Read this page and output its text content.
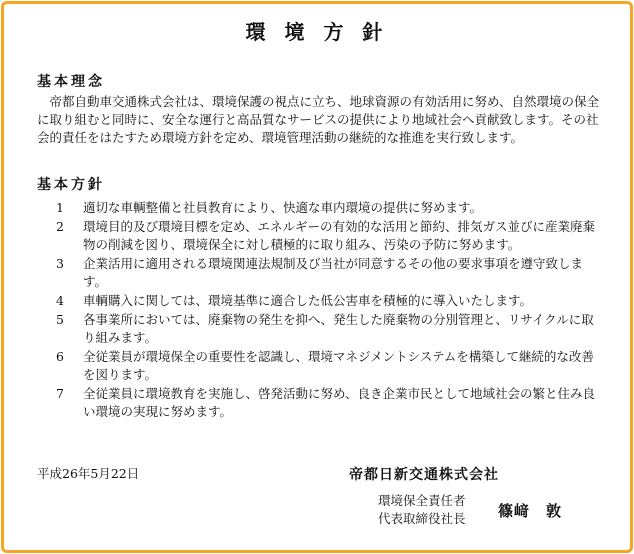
環 境 方 針
基本理念

帝都自動車交通株式会社は、環境保護の視点に立ち、地球資源の有効活用に努め、自然環境の保全に取り組むと同時に、安全な運行と高品質なサービスの提供により地域社会へ貢献致します。その社会的責任をはたすため環境方針を定め、環境管理活動の継続的な推進を実行致します。

基本方針
1	適切な車輌整備と社員教育により、快適な車内環境の提供に努めます。
2	環境目的及び環境目標を定め、エネルギーの有効的な活用と節約、排気ガス並びに産業廃棄物の削減を図り、環境保全に対し積極的に取り組み、汚染の予防に努めます。
3	企業活用に適用される環境関連法規制及び当社が同意するその他の要求事項を遵守致します。
4	車輌購入に関しては、環境基準に適合した低公害車を積極的に導入いたします。
5	各事業所においては、廃棄物の発生を抑へ、発生した廃棄物の分別管理と、リサイクルに取り組みます。
6	全従業員が環境保全の重要性を認識し、環境マネジメントシステムを構築して継続的な改善を図ります。
7	全従業員に環境教育を実施し、啓発活動に努め、良き企業市民として地域社会の繁と住み良い環境の実現に努めます。
平成26年5月22日	帝都日新交通株式会社
環境保全責任者
代表取締役社長 篠﨑　敦
